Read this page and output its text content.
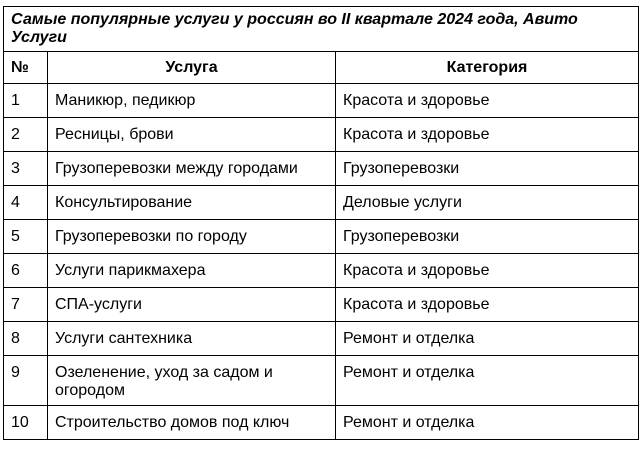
Самые популярные услуги у россиян во II квартале 2024 года, Авито Услуги		
№	Услуга	Категория
1	Маникюр, педикюр	Красота и здоровье
2	Ресницы, брови	Красота и здоровье
3	Грузоперевозки между городами	Грузоперевозки
4	Консультирование	Деловые услуги
5	Грузоперевозки по городу	Грузоперевозки
6	Услуги парикмахера	Красота и здоровье
7	СПА-услуги	Красота и здоровье
8	Услуги сантехника	Ремонт и отделка
9	Озеленение, уход за садом и огородом	Ремонт и отделка
10	Строительство домов под ключ	Ремонт и отделка
